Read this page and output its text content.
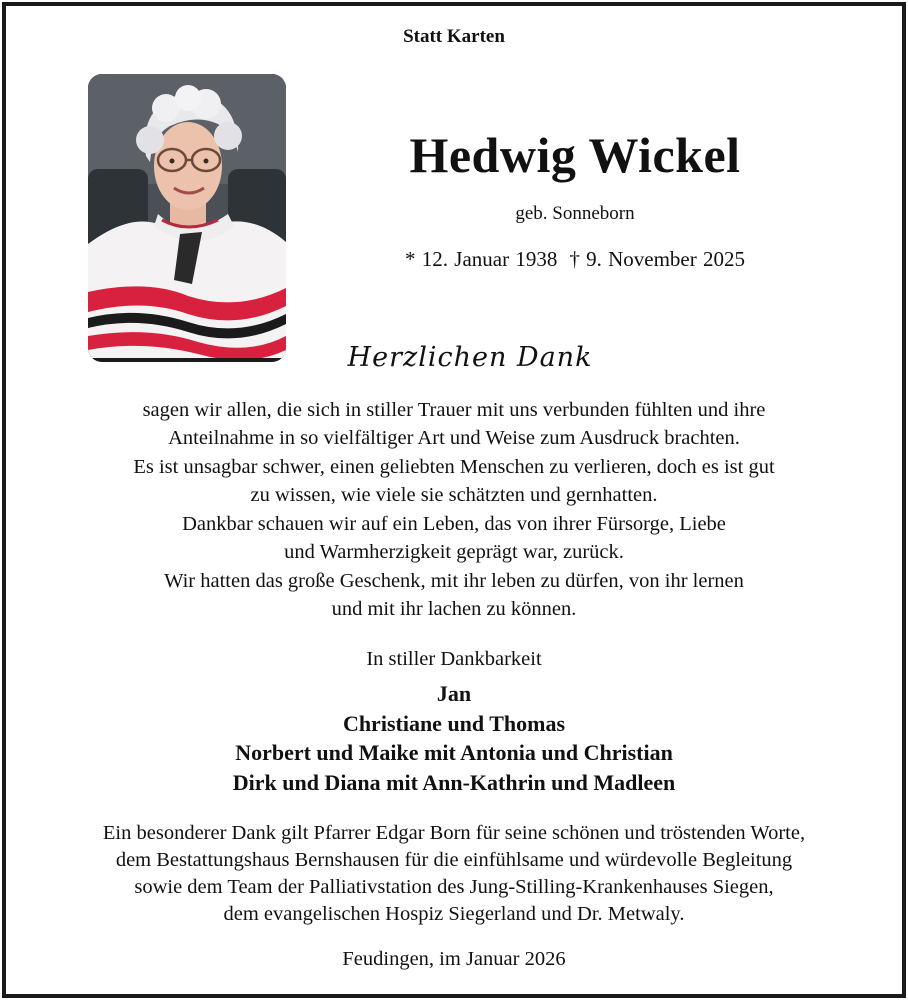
Statt Karten
Hedwig Wickel
geb. Sonneborn
* 12. Januar 1938 † 9. November 2025
Herzlichen Dank

sagen wir allen, die sich in stiller Trauer mit uns verbunden fühlten und ihre
Anteilnahme in so vielfältiger Art und Weise zum Ausdruck brachten.

Es ist unsagbar schwer, einen geliebten Menschen zu verlieren, doch es ist gut
zu wissen, wie viele sie schätzten und gernhatten.

Dankbar schauen wir auf ein Leben, das von ihrer Fürsorge, Liebe
und Warmherzigkeit geprägt war, zurück.

Wir hatten das große Geschenk, mit ihr leben zu dürfen, von ihr lernen
und mit ihr lachen zu können.

In stiller Dankbarkeit
Jan
Christiane und Thomas
Norbert und Maike mit Antonia und Christian
Dirk und Diana mit Ann-Kathrin und Madleen
Ein besonderer Dank gilt Pfarrer Edgar Born für seine schönen und tröstenden Worte,
dem Bestattungshaus Bernshausen für die einfühlsame und würdevolle Begleitung
sowie dem Team der Palliativstation des Jung-Stilling-Krankenhauses Siegen,
dem evangelischen Hospiz Siegerland und Dr. Metwaly.
Feudingen, im Januar 2026
